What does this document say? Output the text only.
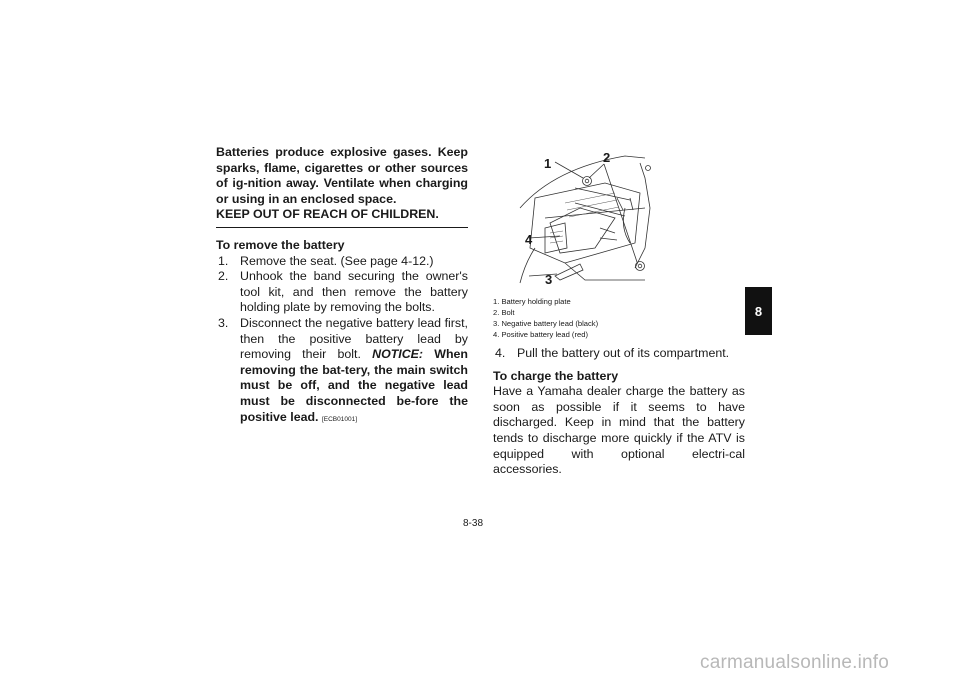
Batteries produce explosive gases. Keep sparks, flame, cigarettes or other sources of ig-nition away. Ventilate when charging or using in an enclosed space.

KEEP OUT OF REACH OF CHILDREN.

To remove the battery
1. Remove the seat. (See page 4-12.)
2. Unhook the band securing the owner's tool kit, and then remove the battery holding plate by removing the bolts.
3. Disconnect the negative battery lead first, then the positive battery lead by removing their bolt. NOTICE: When removing the bat-tery, the main switch must be off, and the negative lead must be disconnected be-fore the positive lead. [ECB01001]
1	2
4
3
1. Battery holding plate
2. Bolt
3. Negative battery lead (black)
4. Positive battery lead (red)
4. Pull the battery out of its compartment.
To charge the battery

Have a Yamaha dealer charge the battery as soon as possible if it seems to have discharged. Keep in mind that the battery tends to discharge more quickly if the ATV is equipped with optional electri-cal accessories.

8
8-38
carmanualsonline.info
